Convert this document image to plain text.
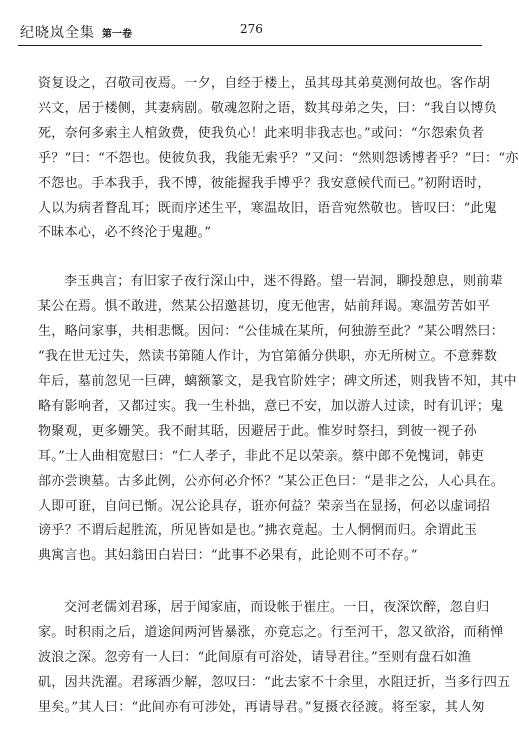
纪晓岚全集 第一卷	276

资复设之，召敬司夜焉。一夕，自经于楼上，虽其母其弟莫测何故也。客作胡
兴文，居于楼侧，其妻病剧。敬魂忽附之语，数其母弟之失，曰：“我自以博负
死，奈何多索主人棺敛费，使我负心！此来明非我志也。”或问：“尔怨索负者
乎？”曰：“不怨也。使彼负我，我能无索乎？”又问：“然则怨诱博者乎？”曰：“亦
不怨也。手本我手，我不博，彼能握我手博乎？我安意候代而已。”初附语时，
人以为病者瞀乱耳；既而序述生平，寒温故旧，语音宛然敬也。皆叹曰：“此鬼
不昧本心，必不终沦于鬼趣。”

李玉典言；有旧家子夜行深山中，迷不得路。望一岩洞，聊投憩息，则前辈
某公在焉。惧不敢进，然某公招邀甚切，度无他害，姑前拜谒。寒温劳苦如平
生，略问家事，共相悲慨。因问：“公佳城在某所，何独游至此？”某公喟然曰：
“我在世无过失，然读书第随人作计，为官第循分供职，亦无所树立。不意葬数
年后，墓前忽见一巨碑，螭额篆文，是我官阶姓字；碑文所述，则我皆不知，其中
略有影响者，又都过实。我一生朴拙，意已不安，加以游人过读，时有讥评；鬼
物聚观，更多姗笑。我不耐其聒，因避居于此。惟岁时祭扫，到彼一视子孙
耳。”士人曲相宽慰曰：“仁人孝子，非此不足以荣亲。蔡中郎不免愧词，韩吏
部亦尝谀墓。古多此例，公亦何必介怀？”某公正色曰：“是非之公，人心具在。
人即可诳，自问已惭。况公论具存，诳亦何益？荣亲当在显扬，何必以虚词招
谤乎？不谓后起胜流，所见皆如是也。”拂衣竟起。士人惘惘而归。余谓此玉
典寓言也。其妇翁田白岩曰：“此事不必果有，此论则不可不存。”

交河老儒刘君琢，居于闻家庙，而设帐于崔庄。一日，夜深饮醉，忽自归
家。时积雨之后，道途间两河皆暴涨，亦竟忘之。行至河干，忽又欲浴，而稍惮
波浪之深。忽旁有一人曰：“此间原有可浴处，请导君往。”至则有盘石如渔
矶，因共洗濯。君琢酒少解，忽叹曰：“此去家不十余里，水阻迂折，当多行四五
里矣。”其人曰：“此间亦有可涉处，再请导君。”复摄衣径渡。将至家，其人匆
